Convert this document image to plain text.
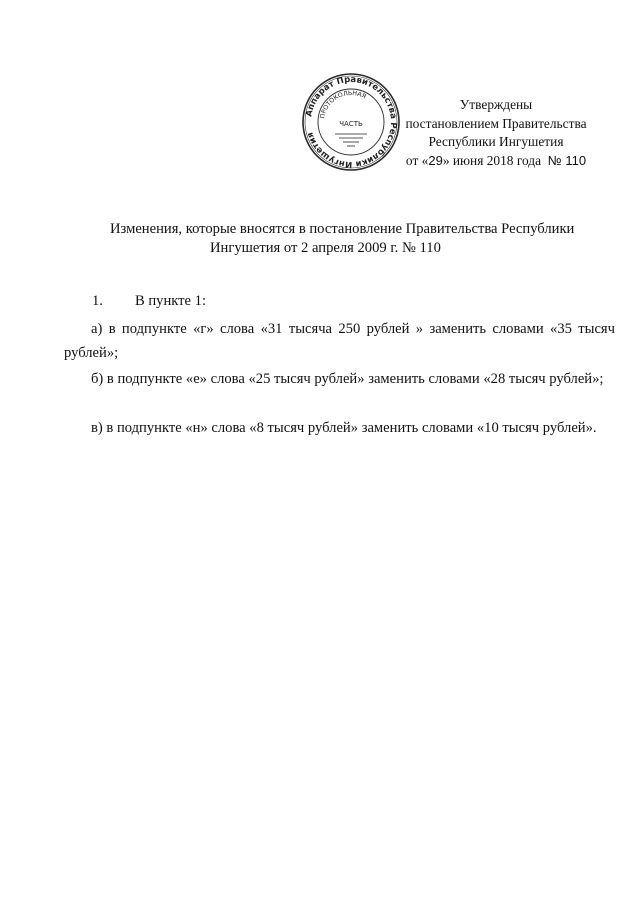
Аппарат Правительства Республики Ингушетия
ПРОТОКОЛЬНАЯ
ЧАСТЬ
Утверждены
постановлением Правительства
Республики Ингушетия
от «29» июня 2018 года № 110
Изменения, которые вносятся в постановление Правительства Республики
Ингушетия от 2 апреля 2009 г. № 110
1. В пункте 1:
а) в подпункте «г» слова «31 тысяча 250 рублей » заменить словами «35 тысяч рублей»;
б) в подпункте «е» слова «25 тысяч рублей» заменить словами «28 тысяч рублей»;
в) в подпункте «н» слова «8 тысяч рублей» заменить словами «10 тысяч рублей».
